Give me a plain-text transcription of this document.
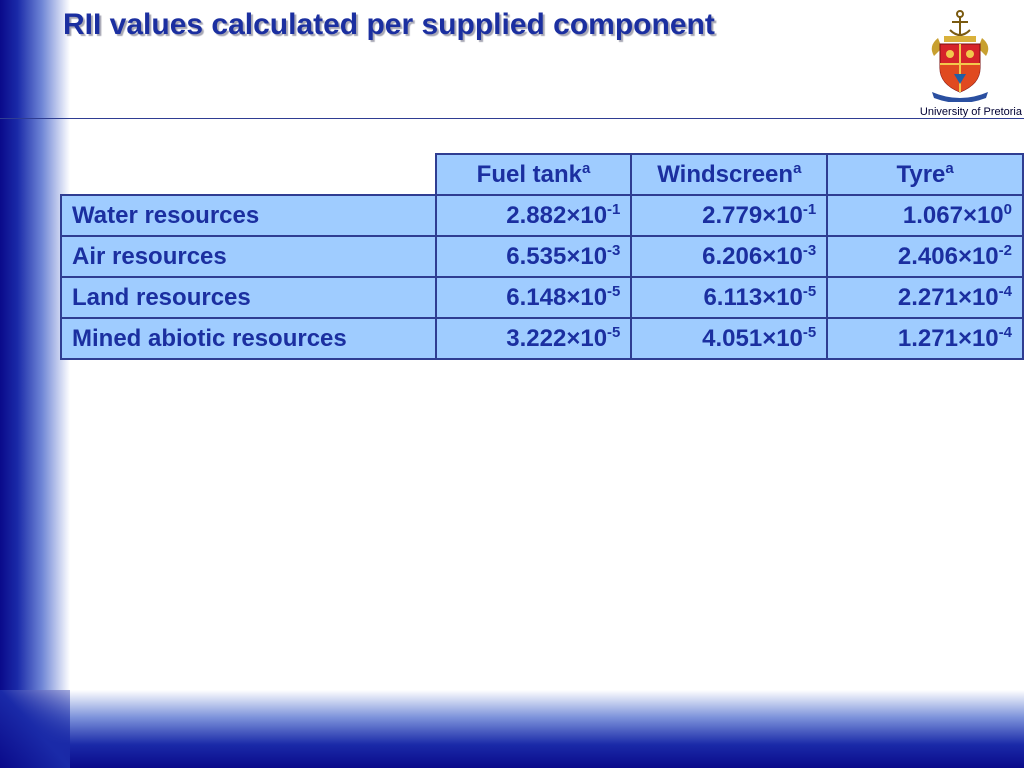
RII values calculated per supplied component
University of Pretoria
	Fuel tank$^a$	Windscreen$^a$	Tyre$^a$
Water resources	$2.882\times 10^{-1}$	$2.779\times 10^{-1}$	$1.067\times 10^0$
Air resources	$6.535\times 10^{-3}$	$6.206\times 10^{-3}$	$2.406\times 10^{-2}$
Land resources	$6.148\times 10^{-5}$	$6.113\times 10^{-5}$	$2.271\times 10^{-4}$
Mined abiotic resources	$3.222\times 10^{-5}$	$4.051\times 10^{-5}$	$1.271\times 10^{-4}$
